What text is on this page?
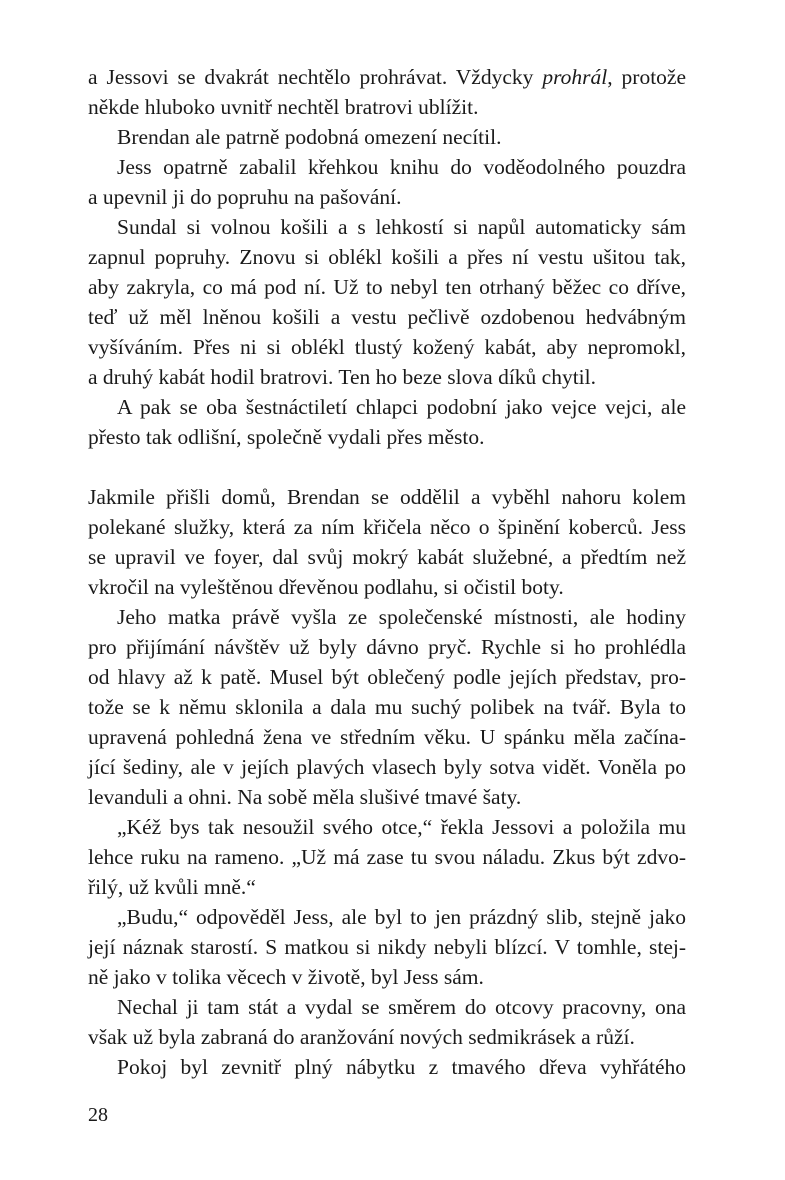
a Jessovi se dvakrát nechtělo prohrávat. Vždycky prohrál, protože
někde hluboko uvnitř nechtěl bratrovi ublížit.
Brendan ale patrně podobná omezení necítil.
Jess opatrně zabalil křehkou knihu do voděodolného pouzdra
a upevnil ji do popruhu na pašování.
Sundal si volnou košili a s lehkostí si napůl automaticky sám
zapnul popruhy. Znovu si oblékl košili a přes ní vestu ušitou tak,
aby zakryla, co má pod ní. Už to nebyl ten otrhaný běžec co dříve,
teď už měl lněnou košili a vestu pečlivě ozdobenou hedvábným
vyšíváním. Přes ni si oblékl tlustý kožený kabát, aby nepromokl,
a druhý kabát hodil bratrovi. Ten ho beze slova díků chytil.
A pak se oba šestnáctiletí chlapci podobní jako vejce vejci, ale
přesto tak odlišní, společně vydali přes město.
Jakmile přišli domů, Brendan se oddělil a vyběhl nahoru kolem
polekané služky, která za ním křičela něco o špinění koberců. Jess
se upravil ve foyer, dal svůj mokrý kabát služebné, a předtím než
vkročil na vyleštěnou dřevěnou podlahu, si očistil boty.
Jeho matka právě vyšla ze společenské místnosti, ale hodiny
pro přijímání návštěv už byly dávno pryč. Rychle si ho prohlédla
od hlavy až k patě. Musel být oblečený podle jejích představ, pro-
tože se k němu sklonila a dala mu suchý polibek na tvář. Byla to
upravená pohledná žena ve středním věku. U spánku měla začína-
jící šediny, ale v jejích plavých vlasech byly sotva vidět. Voněla po
levanduli a ohni. Na sobě měla slušivé tmavé šaty.
„Kéž bys tak nesoužil svého otce,“ řekla Jessovi a položila mu
lehce ruku na rameno. „Už má zase tu svou náladu. Zkus být zdvo-
řilý, už kvůli mně.“
„Budu,“ odpověděl Jess, ale byl to jen prázdný slib, stejně jako
její náznak starostí. S matkou si nikdy nebyli blízcí. V tomhle, stej-
ně jako v tolika věcech v životě, byl Jess sám.
Nechal ji tam stát a vydal se směrem do otcovy pracovny, ona
však už byla zabraná do aranžování nových sedmikrásek a růží.
Pokoj byl zevnitř plný nábytku z tmavého dřeva vyhřátého
28
